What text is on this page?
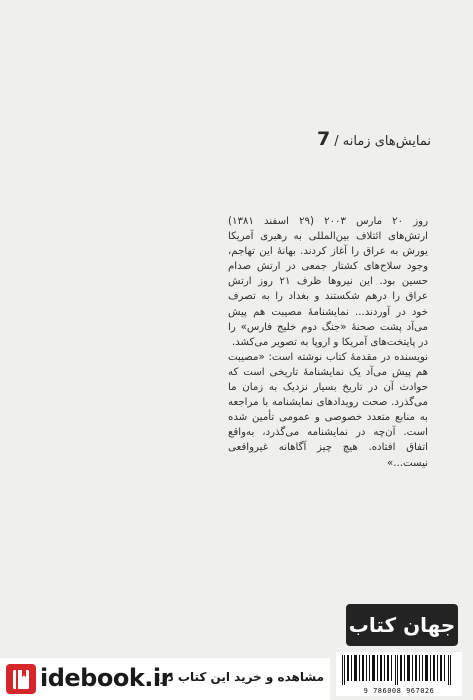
نمایش‌های زمانه /
7

روز ۲۰ مارس ۲۰۰۳ (۲۹ اسفند ۱۳۸۱) ارتش‌های ائتلاف بین‌المللی به رهبری آمریکا یورش به عراق را آغاز کردند. بهانهٔ این تهاجم، وجود سلاح‌های کشتار جمعی در ارتش صدام حسین بود. این نیروها ظرف ۲۱ روز ارتش عراق را درهم شکستند و بغداد را به تصرف خود در آوردند... نمایشنامهٔ مصیبت هم پیش می‌آد پشت صحنهٔ «جنگ دوم خلیج فارس» را در پایتخت‌های آمریکا و اروپا به تصویر می‌کشد.

نویسنده در مقدمهٔ کتاب نوشته است: «مصیبت هم پیش می‌آد یک نمایشنامهٔ تاریخی است که حوادث آن در تاریخ بسیار نزدیک به زمان ما می‌گذرد. صحت رویدادهای نمایشنامه با مراجعه به منابع متعدد خصوصی و عمومی تأمین شده است. آن‌چه در نمایشنامه می‌گذرد، به‌واقع اتفاق افتاده. هیچ چیز آگاهانه غیرواقعی نیست...»

جهان کتاب
9 786008 967026
idebook.ir
مشاهده و خرید این کتاب در:
